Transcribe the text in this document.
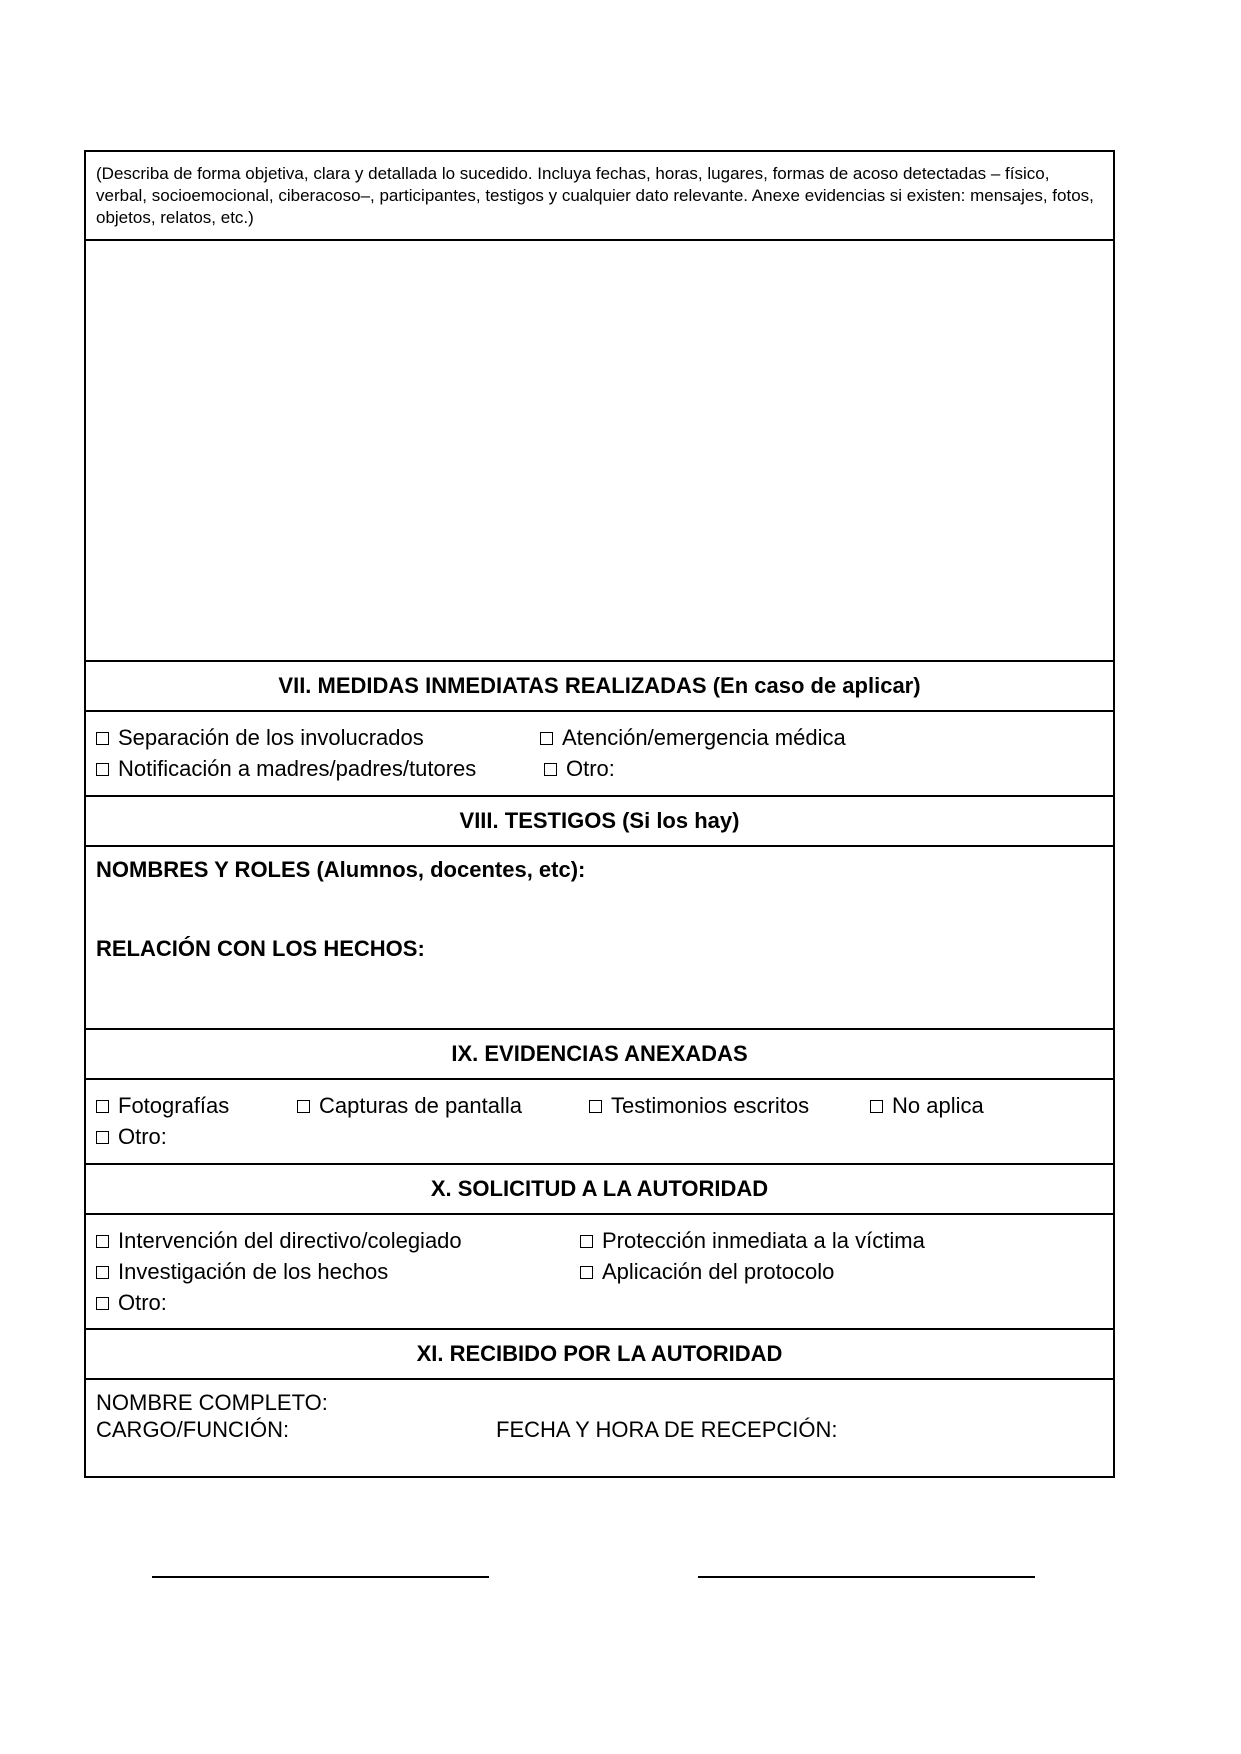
(Describa de forma objetiva, clara y detallada lo sucedido. Incluya fechas, horas, lugares, formas de acoso detectadas – físico, verbal, socioemocional, ciberacoso–, participantes, testigos y cualquier dato relevante. Anexe evidencias si existen: mensajes, fotos, objetos, relatos, etc.)
VII. MEDIDAS INMEDIATAS REALIZADAS (En caso de aplicar)
Separación de los involucrados	Atención/emergencia médica
Notificación a madres/padres/tutores	Otro:
VIII. TESTIGOS (Si los hay)
NOMBRES Y ROLES (Alumnos, docentes, etc):
RELACIÓN CON LOS HECHOS:
IX. EVIDENCIAS ANEXADAS
Fotografías	Capturas de pantalla	Testimonios escritos	No aplica
Otro:
X. SOLICITUD A LA AUTORIDAD
Intervención del directivo/colegiado	Protección inmediata a la víctima
Investigación de los hechos	Aplicación del protocolo
Otro:
XI. RECIBIDO POR LA AUTORIDAD
NOMBRE COMPLETO:
CARGO/FUNCIÓN:	FECHA Y HORA DE RECEPCIÓN:
